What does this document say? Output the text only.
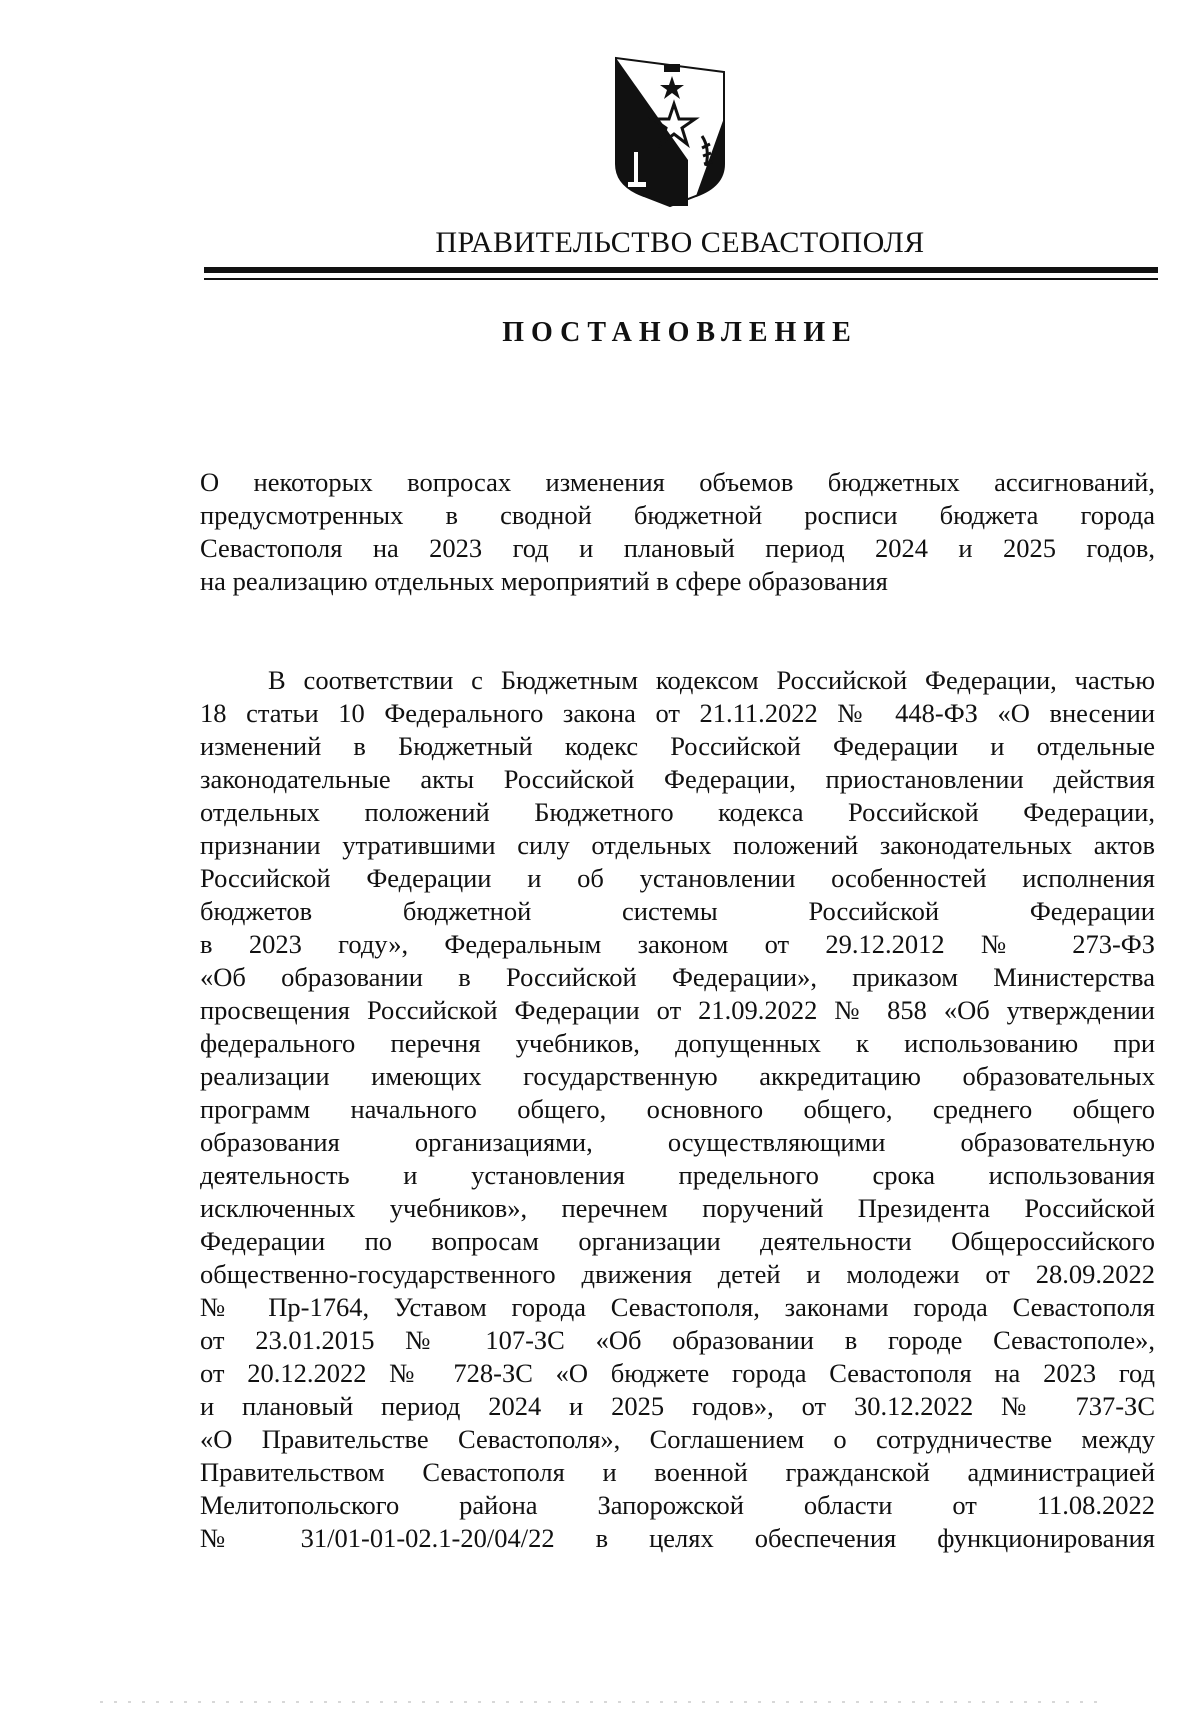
ПРАВИТЕЛЬСТВО СЕВАСТОПОЛЯ
ПОСТАНОВЛЕНИЕ
О некоторых вопросах изменения объемов бюджетных ассигнований,
предусмотренных в сводной бюджетной росписи бюджета города
Севастополя на 2023 год и плановый период 2024 и 2025 годов,
на реализацию отдельных мероприятий в сфере образования
В соответствии с Бюджетным кодексом Российской Федерации, частью
18 статьи 10 Федерального закона от 21.11.2022 № 448-ФЗ «О внесении
изменений в Бюджетный кодекс Российской Федерации и отдельные
законодательные акты Российской Федерации, приостановлении действия
отдельных положений Бюджетного кодекса Российской Федерации,
признании утратившими силу отдельных положений законодательных актов
Российской Федерации и об установлении особенностей исполнения
бюджетов бюджетной системы Российской Федерации
в 2023 году», Федеральным законом от 29.12.2012 № 273-ФЗ
«Об образовании в Российской Федерации», приказом Министерства
просвещения Российской Федерации от 21.09.2022 № 858 «Об утверждении
федерального перечня учебников, допущенных к использованию при
реализации имеющих государственную аккредитацию образовательных
программ начального общего, основного общего, среднего общего
образования организациями, осуществляющими образовательную
деятельность и установления предельного срока использования
исключенных учебников», перечнем поручений Президента Российской
Федерации по вопросам организации деятельности Общероссийского
общественно-государственного движения детей и молодежи от 28.09.2022
№ Пр-1764, Уставом города Севастополя, законами города Севастополя
от 23.01.2015 № 107-ЗС «Об образовании в городе Севастополе»,
от 20.12.2022 № 728-ЗС «О бюджете города Севастополя на 2023 год
и плановый период 2024 и 2025 годов», от 30.12.2022 № 737-ЗС
«О Правительстве Севастополя», Соглашением о сотрудничестве между
Правительством Севастополя и военной гражданской администрацией
Мелитопольского района Запорожской области от 11.08.2022
№ 31/01-01-02.1-20/04/22 в целях обеспечения функционирования
